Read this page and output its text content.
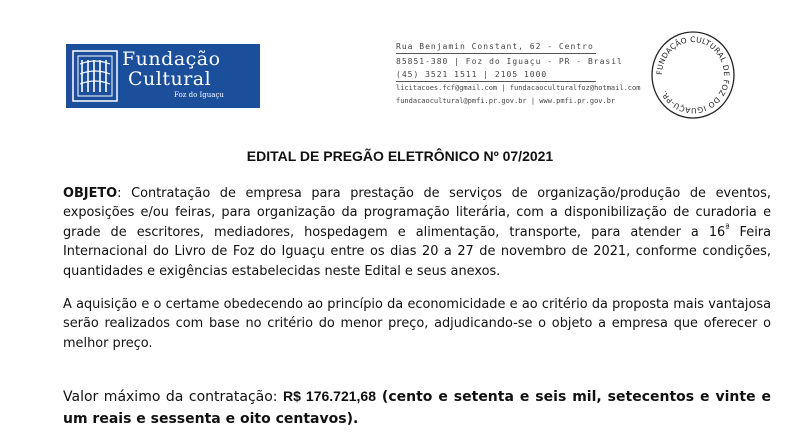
Fundação
Cultural
Foz do Iguaçu
Rua Benjamin Constant, 62 - Centro
85851-380 | Foz do Iguaçu - PR - Brasil
(45) 3521 1511 | 2105 1000
licitacoes.fcf@gmail.com | fundacaoculturalfoz@hotmail.com
fundacaocultural@pmfi.pr.gov.br | www.pmfi.pr.gov.br
FUNDAÇÃO CULTURAL DE FOZ DO IGUAÇU-PR.
EDITAL DE PREGÃO ELETRÔNICO Nº 07/2021

OBJETO: Contratação de empresa para prestação de serviços de organização/produção de eventos, exposições e/ou feiras, para organização da programação literária, com a disponibilização de curadoria e grade de escritores, mediadores, hospedagem e alimentação, transporte, para atender a $16^ª$ Feira Internacional do Livro de Foz do Iguaçu entre os dias 20 a 27 de novembro de 2021, conforme condições, quantidades e exigências estabelecidas neste Edital e seus anexos.

A aquisição e o certame obedecendo ao princípio da economicidade e ao critério da proposta mais vantajosa serão realizados com base no critério do menor preço, adjudicando-se o objeto a empresa que oferecer o melhor preço.

Valor máximo da contratação: R$ 176.721,68 (cento e setenta e seis mil, setecentos e vinte e um reais e sessenta e oito centavos).
